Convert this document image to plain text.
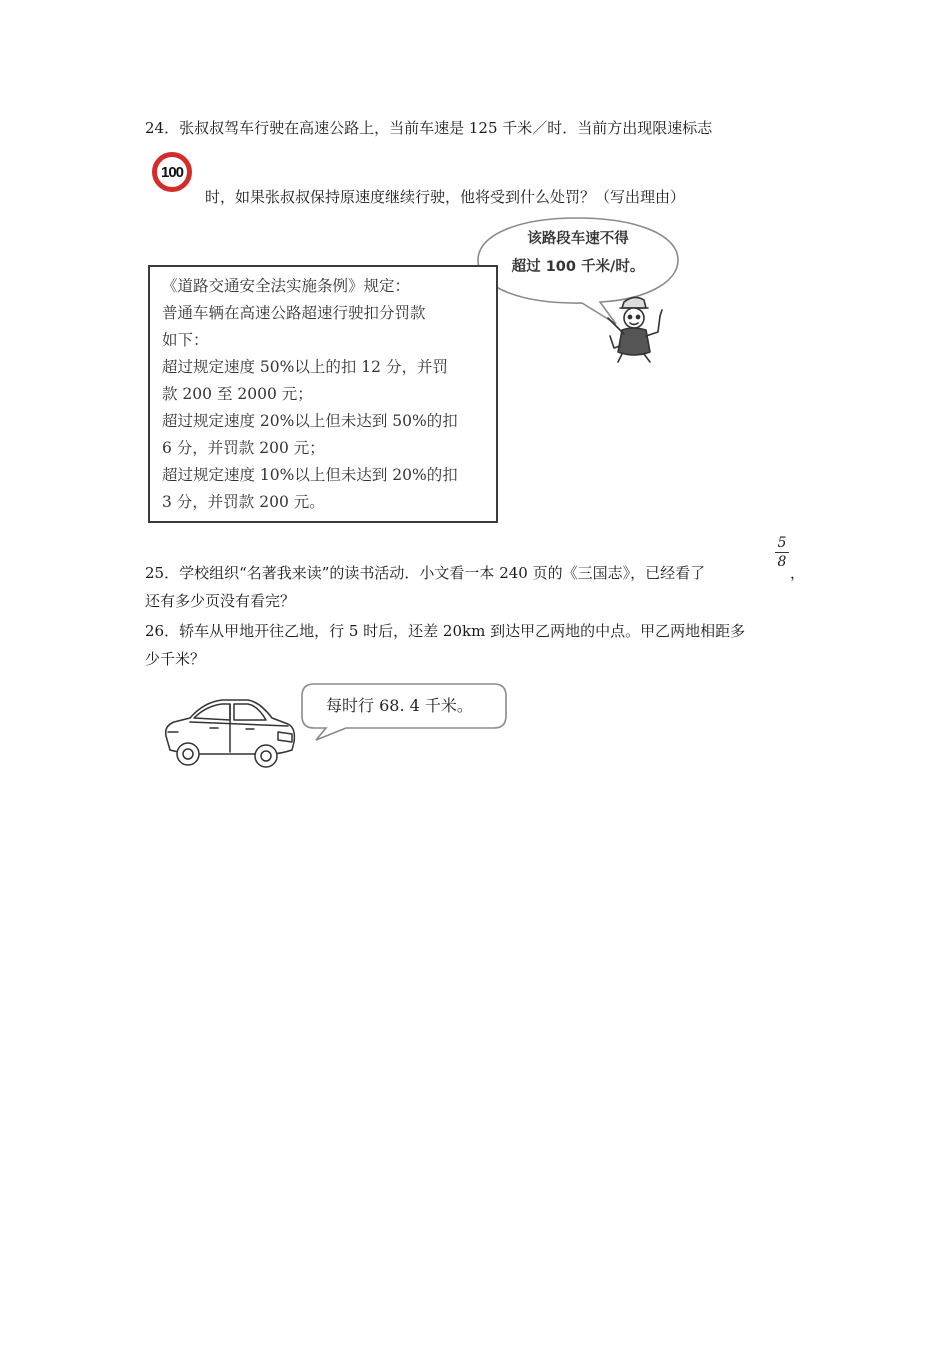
24．张叔叔驾车行驶在高速公路上，当前车速是 125 千米／时．当前方出现限速标志
100
时，如果张叔叔保持原速度继续行驶，他将受到什么处罚？（写出理由）
该路段车速不得
超过 100 千米/时。
《道路交通安全法实施条例》规定：
普通车辆在高速公路超速行驶扣分罚款
如下：
超过规定速度 50%以上的扣 12 分，并罚
款 200 至 2000 元；
超过规定速度 20%以上但未达到 50%的扣
6 分，并罚款 200 元；
超过规定速度 10%以上但未达到 20%的扣
3 分，并罚款 200 元。
25．学校组织“名著我来读”的读书活动．小文看一本 240 页的《三国志》，已经看了
5
8
，
还有多少页没有看完？
26．轿车从甲地开往乙地，行 5 时后，还差 20km 到达甲乙两地的中点。甲乙两地相距多
少千米？
每时行 68. 4 千米。
